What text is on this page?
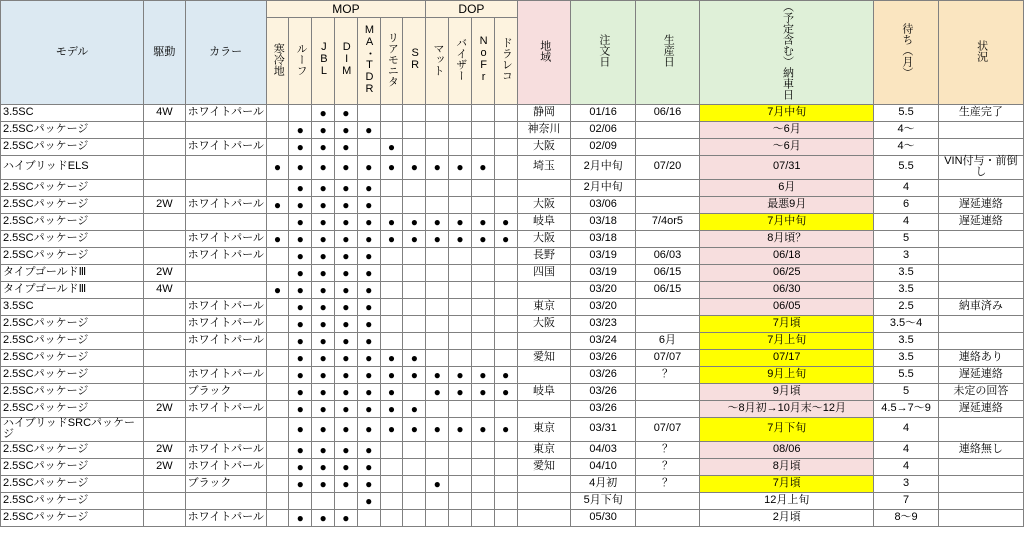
モデル	駆動	カラー	MOP							DOP				地域	注文日	生産日	（予定含む）納車日	待ち（月）	状況
			寒冷地	ルーフ	JBL	DIM	MA・TDR	リアモニタ	SR	マット	バイザー	NoFr	ドラレコ						
3.5SC	4W	ホワイトパール			●	●								静岡	01/16	06/16	7月中旬	5.5	生産完了
2.5SCパッケージ				●	●	●	●							神奈川	02/06		〜6月	4〜	
2.5SCパッケージ		ホワイトパール		●	●	●		●						大阪	02/09		〜6月	4〜	
ハイブリッドELS			●	●	●	●	●	●	●	●	●	●		埼玉	2月中旬	07/20	07/31	5.5	VIN付与・前倒し
2.5SCパッケージ				●	●	●	●								2月中旬		6月	4	
2.5SCパッケージ	2W	ホワイトパール	●	●	●	●	●							大阪	03/06		最悪9月	6	遅延連絡
2.5SCパッケージ				●	●	●	●	●	●	●	●	●	●	岐阜	03/18	7/4or5	7月中旬	4	遅延連絡
2.5SCパッケージ		ホワイトパール	●	●	●	●	●	●	●	●	●	●	●	大阪	03/18		8月頃？	5	
2.5SCパッケージ		ホワイトパール		●	●	●	●							長野	03/19	06/03	06/18	3	
タイプゴールドⅢ	2W			●	●	●	●							四国	03/19	06/15	06/25	3.5	
タイプゴールドⅢ	4W		●	●	●	●	●								03/20	06/15	06/30	3.5	
3.5SC		ホワイトパール		●	●	●	●							東京	03/20		06/05	2.5	納車済み
2.5SCパッケージ		ホワイトパール		●	●	●	●							大阪	03/23		7月頃	3.5〜4	
2.5SCパッケージ		ホワイトパール		●	●	●	●								03/24	6月	7月上旬	3.5	
2.5SCパッケージ				●	●	●	●	●	●					愛知	03/26	07/07	07/17	3.5	連絡あり
2.5SCパッケージ		ホワイトパール		●	●	●	●	●	●	●	●	●	●		03/26	？	9月上旬	5.5	遅延連絡
2.5SCパッケージ		ブラック		●	●	●	●	●		●	●	●	●	岐阜	03/26		9月頃	5	未定の回答
2.5SCパッケージ	2W	ホワイトパール		●	●	●	●	●	●						03/26		〜8月初→10月末〜12月	4.5→7〜9	遅延連絡
ハイブリッドSRCパッケージ				●	●	●	●	●	●	●	●	●	●	東京	03/31	07/07	7月下旬	4	
2.5SCパッケージ	2W	ホワイトパール		●	●	●	●							東京	04/03	？	08/06	4	連絡無し
2.5SCパッケージ	2W	ホワイトパール		●	●	●	●							愛知	04/10	？	8月頃	4	
2.5SCパッケージ		ブラック		●	●	●	●			●					4月初	？	7月頃	3	
2.5SCパッケージ							●								5月下旬		12月上旬	7	
2.5SCパッケージ		ホワイトパール		●	●	●									05/30		2月頃	8〜9	
